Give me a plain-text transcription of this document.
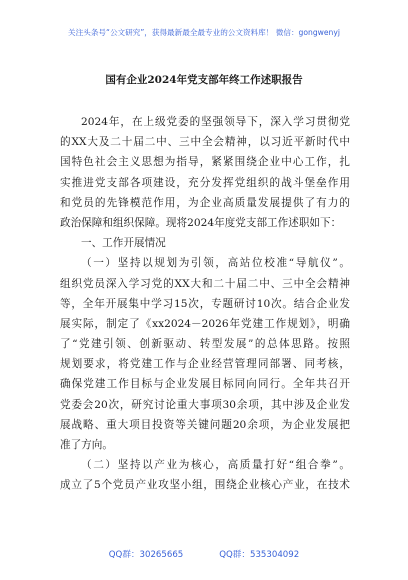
关注头条号“公文研究”，获得最新最全最专业的公文资料库！ 微信：gongwenyj
国有企业2024年党支部年终工作述职报告
2024年，在上级党委的坚强领导下，深入学习贯彻党
的XX大及二十届二中、三中全会精神，以习近平新时代中
国特色社会主义思想为指导，紧紧围绕企业中心工作，扎
实推进党支部各项建设，充分发挥党组织的战斗堡垒作用
和党员的先锋模范作用，为企业高质量发展提供了有力的
政治保障和组织保障。现将2024年度党支部工作述职如下：
一、工作开展情况
（一）坚持以规划为引领，高站位校准“导航仪”。
组织党员深入学习党的XX大和二十届二中、三中全会精神
等，全年开展集中学习15次，专题研讨10次。结合企业发
展实际，制定了《xx2024－2026年党建工作规划》，明确
了“党建引领、创新驱动、转型发展”的总体思路。按照
规划要求，将党建工作与企业经营管理同部署、同考核，
确保党建工作目标与企业发展目标同向同行。全年共召开
党委会20次，研究讨论重大事项30余项，其中涉及企业发
展战略、重大项目投资等关键问题20余项，为企业发展把
准了方向。
（二）坚持以产业为核心，高质量打好“组合拳”。
成立了5个党员产业攻坚小组，围绕企业核心产业，在技术
QQ群：30265665	QQ群：535304092
